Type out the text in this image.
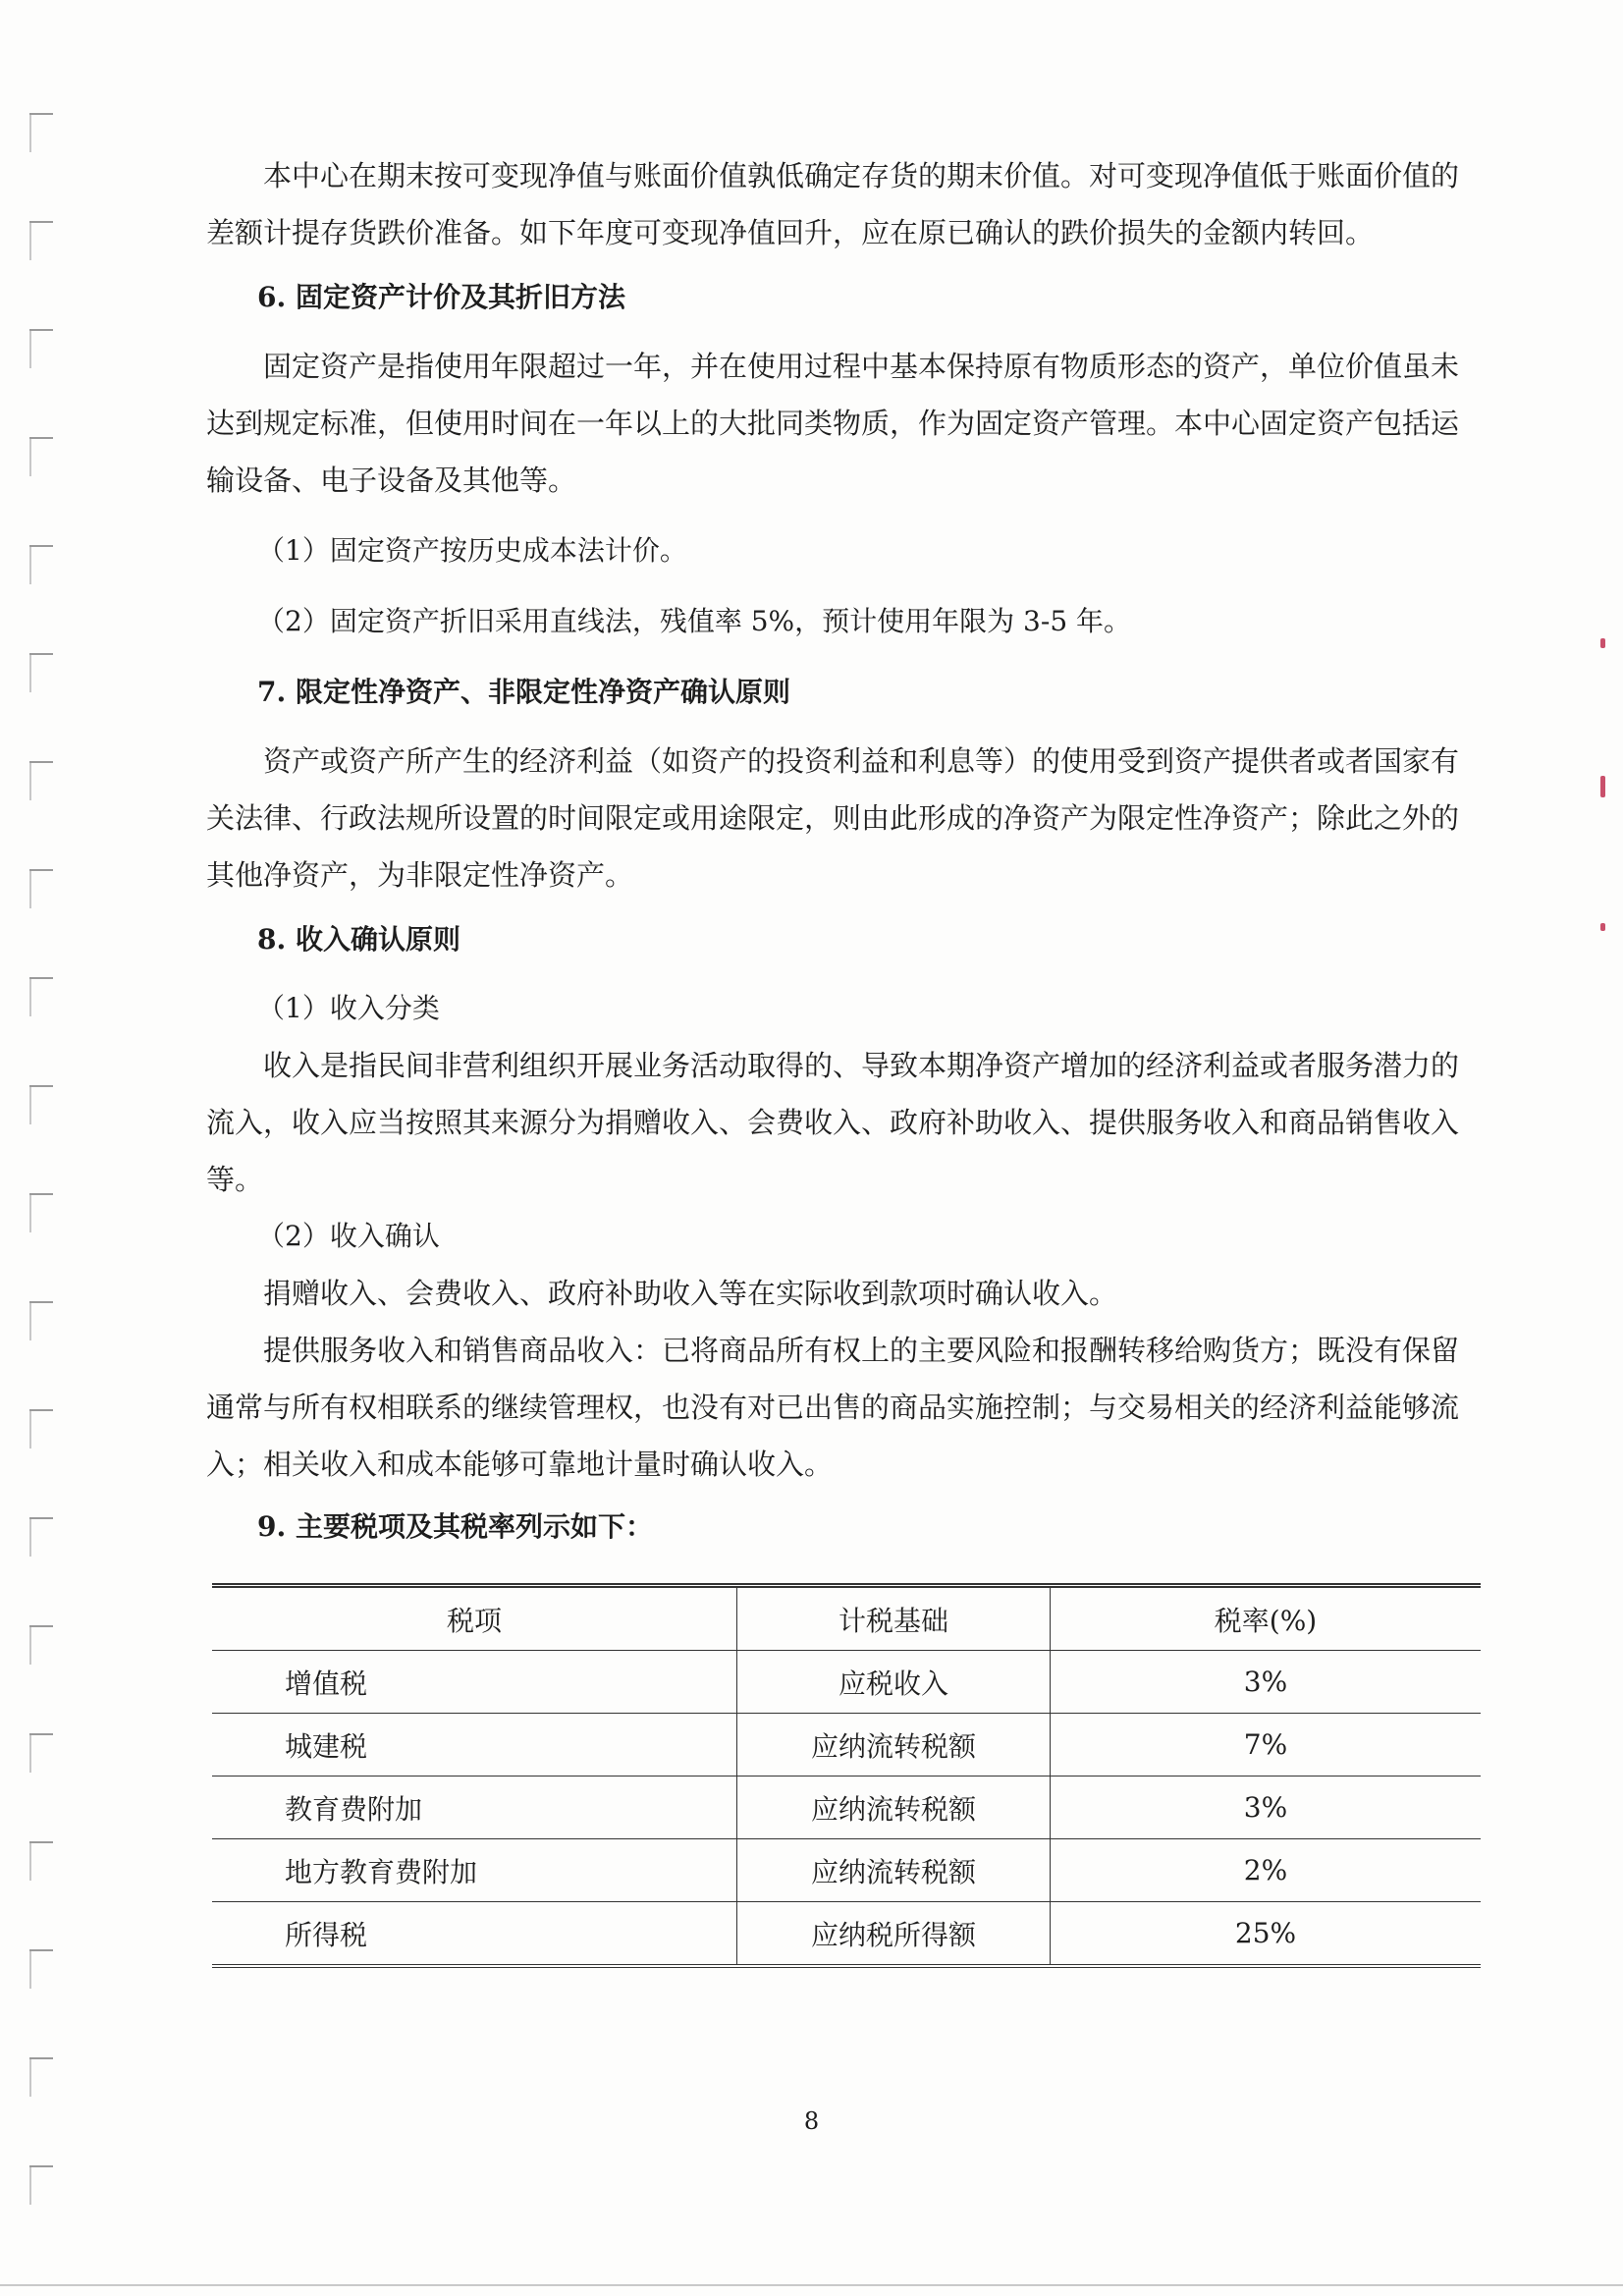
本中心在期末按可变现净值与账面价值孰低确定存货的期末价值。对可变现净值低于账面价值的差额计提存货跌价准备。如下年度可变现净值回升，应在原已确认的跌价损失的金额内转回。

6. 固定资产计价及其折旧方法

固定资产是指使用年限超过一年，并在使用过程中基本保持原有物质形态的资产，单位价值虽未达到规定标准，但使用时间在一年以上的大批同类物质，作为固定资产管理。本中心固定资产包括运输设备、电子设备及其他等。

（1）固定资产按历史成本法计价。
（2）固定资产折旧采用直线法，残值率 5%，预计使用年限为 3-5 年。
7. 限定性净资产、非限定性净资产确认原则

资产或资产所产生的经济利益（如资产的投资利益和利息等）的使用受到资产提供者或者国家有关法律、行政法规所设置的时间限定或用途限定，则由此形成的净资产为限定性净资产；除此之外的其他净资产，为非限定性净资产。

8. 收入确认原则
（1）收入分类

收入是指民间非营利组织开展业务活动取得的、导致本期净资产增加的经济利益或者服务潜力的流入，收入应当按照其来源分为捐赠收入、会费收入、政府补助收入、提供服务收入和商品销售收入等。

（2）收入确认

捐赠收入、会费收入、政府补助收入等在实际收到款项时确认收入。

提供服务收入和销售商品收入：已将商品所有权上的主要风险和报酬转移给购货方；既没有保留通常与所有权相联系的继续管理权，也没有对已出售的商品实施控制；与交易相关的经济利益能够流入；相关收入和成本能够可靠地计量时确认收入。

9. 主要税项及其税率列示如下：
税项	计税基础	税率(%)
增值税	应税收入	3%
城建税	应纳流转税额	7%
教育费附加	应纳流转税额	3%
地方教育费附加	应纳流转税额	2%
所得税	应纳税所得额	25%
8
